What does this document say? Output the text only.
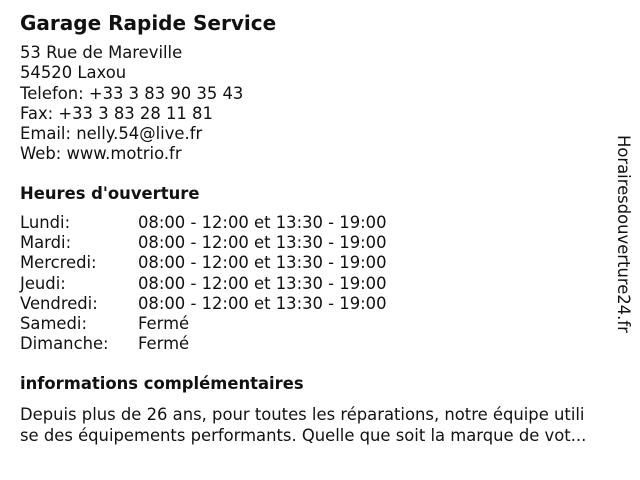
Garage Rapide Service
53 Rue de Mareville
54520 Laxou
Telefon: +33 3 83 90 35 43
Fax: +33 3 83 28 11 81
Email: nelly.54@live.fr
Web: www.motrio.fr
Heures d'ouverture
Lundi:	08:00 - 12:00 et 13:30 - 19:00
Mardi:	08:00 - 12:00 et 13:30 - 19:00
Mercredi:	08:00 - 12:00 et 13:30 - 19:00
Jeudi:	08:00 - 12:00 et 13:30 - 19:00
Vendredi: 08:00 - 12:00 et 13:30 - 19:00
Samedi:	Fermé
Dimanche: Fermé
informations complémentaires
Depuis plus de 26 ans, pour toutes les réparations, notre équipe utili
se des équipements performants. Quelle que soit la marque de vot...
Horairesdouverture24.fr
